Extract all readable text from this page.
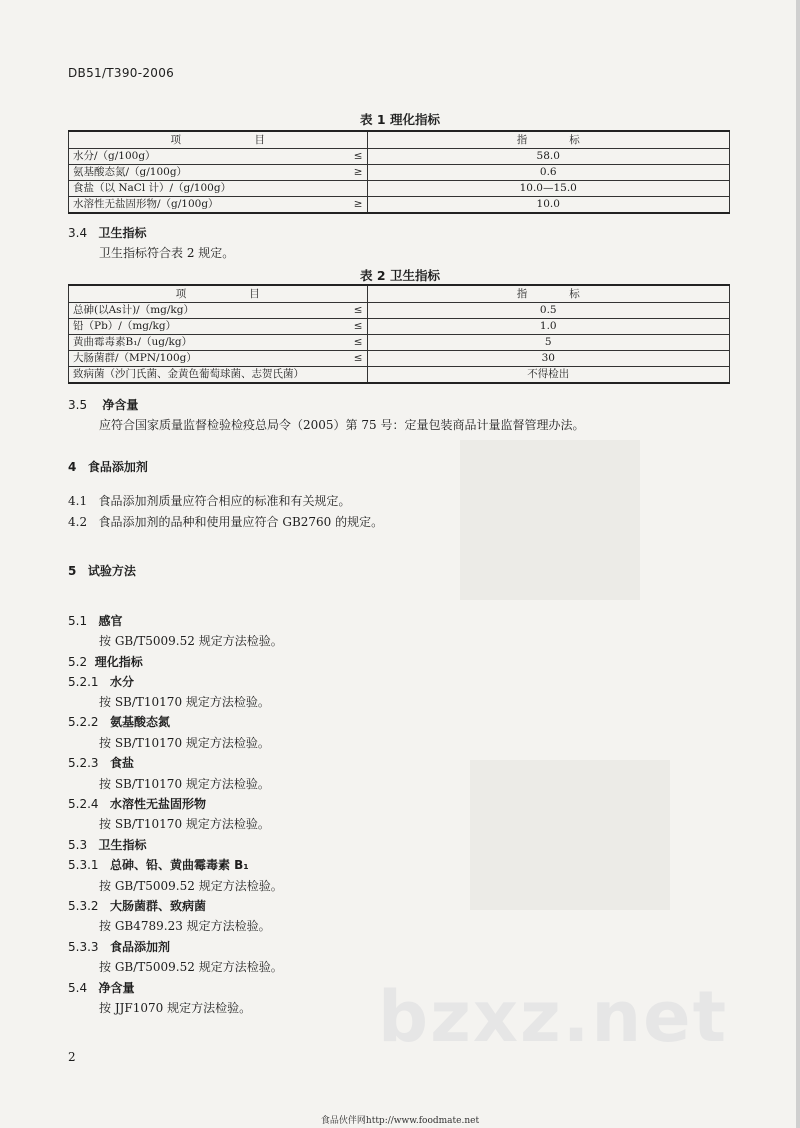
DB51/T390-2006
表 1 理化指标
项　　　　　　　目		指　　　　标
水分/（g/100g）	≤	58.0
氨基酸态氮/（g/100g）	≥	0.6
食盐（以 NaCl 计）/（g/100g）		10.0—15.0
水溶性无盐固形物/（g/100g）	≥	10.0
3.4 卫生指标
卫生指标符合表 2 规定。
表 2 卫生指标
项　　　　　　目		指　　　　标
总砷(以As计)/（mg/kg）	≤	0.5
铅（Pb）/（mg/kg）	≤	1.0
黄曲霉毒素B₁/（ug/kg）	≤	5
大肠菌群/（MPN/100g）	≤	30
致病菌（沙门氏菌、金黄色葡萄球菌、志贺氏菌）		不得检出
3.5 净含量
应符合国家质量监督检验检疫总局令（2005）第 75 号：定量包装商品计量监督管理办法。
4 食品添加剂
4.1 食品添加剂质量应符合相应的标准和有关规定。
4.2 食品添加剂的品种和使用量应符合 GB2760 的规定。
5 试验方法
5.1 感官
按 GB/T5009.52 规定方法检验。
5.2 理化指标
5.2.1 水分
按 SB/T10170 规定方法检验。
5.2.2 氨基酸态氮
按 SB/T10170 规定方法检验。
5.2.3 食盐
按 SB/T10170 规定方法检验。
5.2.4 水溶性无盐固形物
按 SB/T10170 规定方法检验。
5.3 卫生指标
5.3.1 总砷、铅、黄曲霉毒素 B₁
按 GB/T5009.52 规定方法检验。
5.3.2 大肠菌群、致病菌
按 GB4789.23 规定方法检验。
5.3.3 食品添加剂
按 GB/T5009.52 规定方法检验。
5.4 净含量
按 JJF1070 规定方法检验。 bzxz.net
2
食品伙伴网http://www.foodmate.net
